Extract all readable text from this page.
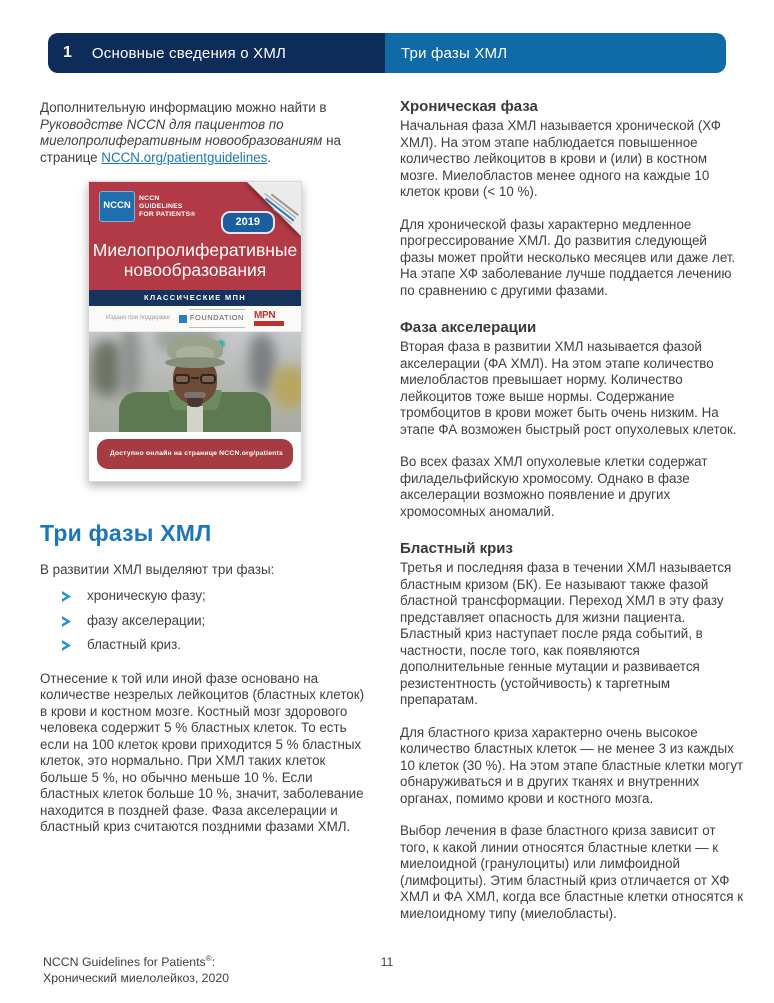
1 Основные сведения о ХМЛ	Три фазы ХМЛ

Дополнительную информацию можно найти в Руководстве NCCN для пациентов по миелопролиферативным новообразованиям на странице NCCN.org/patientguidelines.

NCCN
NCCN
GUIDELINES
FOR PATIENTS®
2019
Миелопролиферативные
новообразования
КЛАССИЧЕСКИЕ МПН
Издано при поддержке	FOUNDATION MPN
Доступно онлайн на странице NCCN.org/patients
Три фазы ХМЛ

В развитии ХМЛ выделяют три фазы:

хроническую фазу;
фазу акселерации;
бластный криз.

Отнесение к той или иной фазе основано на количестве незрелых лейкоцитов (бластных клеток) в крови и костном мозге. Костный мозг здорового человека содержит 5 % бластных клеток. То есть если на 100 клеток крови приходится 5 % бластных клеток, это нормально. При ХМЛ таких клеток больше 5 %, но обычно меньше 10 %. Если бластных клеток больше 10 %, значит, заболевание находится в поздней фазе. Фаза акселерации и бластный криз считаются поздними фазами ХМЛ.

Хроническая фаза

Начальная фаза ХМЛ называется хронической (ХФ ХМЛ). На этом этапе наблюдается повышенное количество лейкоцитов в крови и (или) в костном мозге. Миелобластов менее одного на каждые 10 клеток крови (< 10 %).

Для хронической фазы характерно медленное прогрессирование ХМЛ. До развития следующей фазы может пройти несколько месяцев или даже лет. На этапе ХФ заболевание лучше поддается лечению по сравнению с другими фазами.

Фаза акселерации

Вторая фаза в развитии ХМЛ называется фазой акселерации (ФА ХМЛ). На этом этапе количество миелобластов превышает норму. Количество лейкоцитов тоже выше нормы. Содержание тромбоцитов в крови может быть очень низким. На этапе ФА возможен быстрый рост опухолевых клеток.

Во всех фазах ХМЛ опухолевые клетки содержат филадельфийскую хромосому. Однако в фазе акселерации возможно появление и других хромосомных аномалий.

Бластный криз

Третья и последняя фаза в течении ХМЛ называется бластным кризом (БК). Ее называют также фазой бластной трансформации. Переход ХМЛ в эту фазу представляет опасность для жизни пациента. Бластный криз наступает после ряда событий, в частности, после того, как появляются дополнительные генные мутации и развивается резистентность (устойчивость) к таргетным препаратам.

Для бластного криза характерно очень высокое количество бластных клеток — не менее 3 из каждых 10 клеток (30 %). На этом этапе бластные клетки могут обнаруживаться и в других тканях и внутренних органах, помимо крови и костного мозга.

Выбор лечения в фазе бластного криза зависит от того, к какой линии относятся бластные клетки — к миелоидной (гранулоциты) или лимфоидной (лимфоциты). Этим бластный криз отличается от ХФ ХМЛ и ФА ХМЛ, когда все бластные клетки относятся к миелоидному типу (миелобласты).

NCCN Guidelines for Patients®:
Хронический миелолейкоз, 2020
11
